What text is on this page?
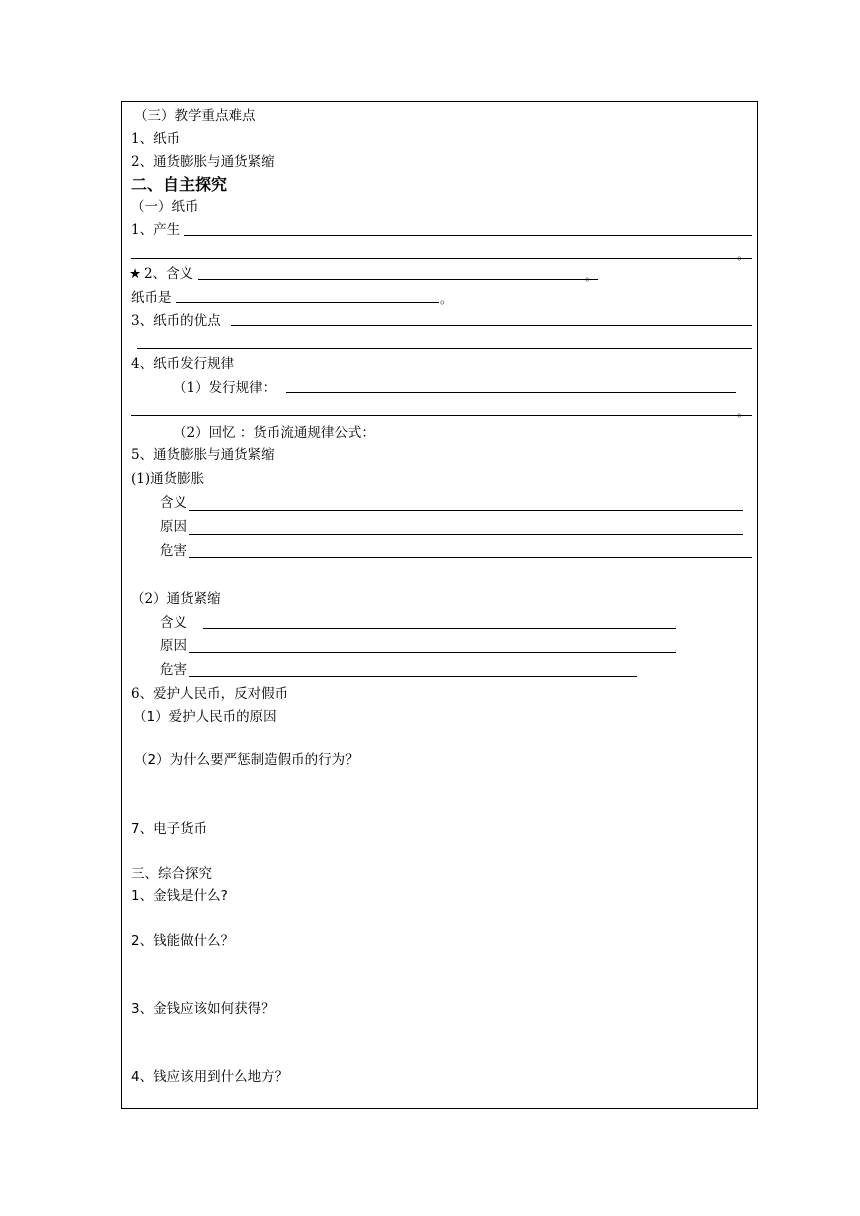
（三）教学重点难点
1、纸币
2、通货膨胀与通货紧缩
二、自主探究
（一）纸币
1、产生
。
★ 2、含义	。
纸币是	。
3、纸币的优点
4、纸币发行规律
（1）发行规律：
。
（2）回忆 ：货币流通规律公式：
5、通货膨胀与通货紧缩
(1)通货膨胀
含义
原因
危害
（2）通货紧缩
含义
原因
危害
6、爱护人民币，反对假币
（1）爱护人民币的原因
（2）为什么要严惩制造假币的行为？
7、电子货币
三、综合探究
1、金钱是什么?
2、钱能做什么？
3、金钱应该如何获得？
4、钱应该用到什么地方？
